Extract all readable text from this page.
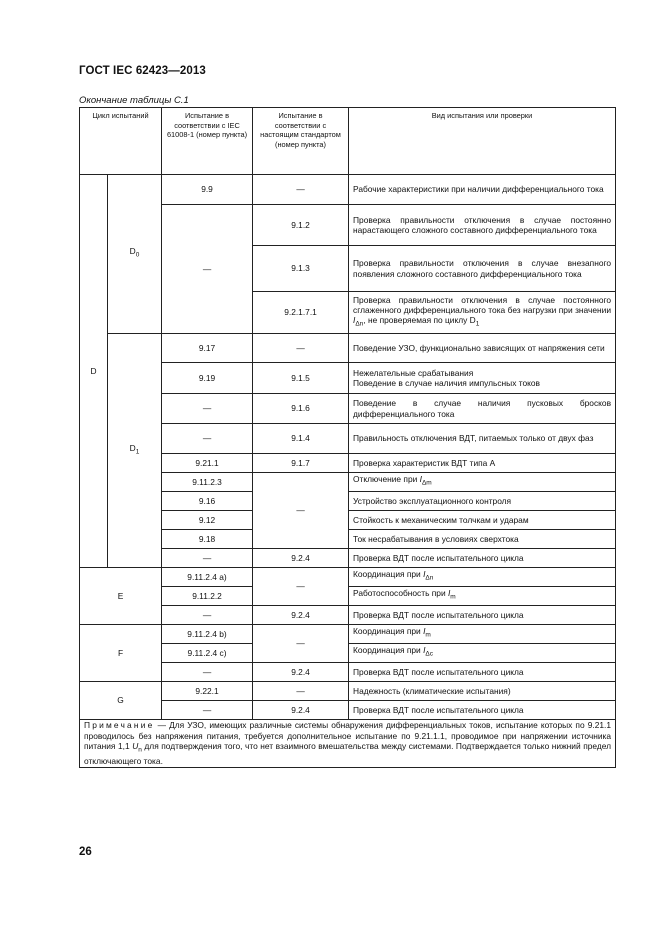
ГОСТ IEC 62423—2013
Окончание таблицы С.1
Цикл испытаний		Испытание в соответствии с IEC 61008-1 (номер пункта)	Испытание в соответствии с настоящим стандартом (номер пункта)	Вид испытания или проверки
D	$D_0$	9.9	—	Рабочие характеристики при наличии дифференциального тока
		—	9.1.2	Проверка правильности отключения в случае постоянно нарастающего сложного составного дифференциального тока
			9.1.3	Проверка правильности отключения в случае внезапного появления сложного составного дифференциального тока
			9.2.1.7.1	Проверка правильности отключения в случае постоянного сглаженного дифференциального тока без нагрузки при значении $I_{\Delta n}$, не проверяемая по циклу $D_1$
	$D_1$	9.17	—	Поведение УЗО, функционально зависящих от напряжения сети
		9.19	9.1.5	Нежелательные срабатывания
Поведение в случае наличия импульсных токов

		—	9.1.6	Поведение в случае наличия пусковых бросков дифференциального тока
		—	9.1.4	Правильность отключения ВДТ, питаемых только от двух фаз
		9.21.1	9.1.7	Проверка характеристик ВДТ типа А
		9.11.2.3	—	Отключение при $I_{\Delta m}$
		9.16		Устройство эксплуатационного контроля
		9.12		Стойкость к механическим толчкам и ударам
		9.18		Ток несрабатывания в условиях сверхтока
		—	9.2.4	Проверка ВДТ после испытательного цикла
E		9.11.2.4 a)	—	Координация при $I_{\Delta n}$
		9.11.2.2		Работоспособность при $I_m$
		—	9.2.4	Проверка ВДТ после испытательного цикла
F		9.11.2.4 b)	—	Координация при $I_m$
		9.11.2.4 c)		Координация при $I_{\Delta c}$
		—	9.2.4	Проверка ВДТ после испытательного цикла
G		9.22.1	—	Надежность (климатические испытания)
		—	9.2.4	Проверка ВДТ после испытательного цикла
Примечание — Для УЗО, имеющих различные системы обнаружения дифференциальных токов, испытание которых по 9.21.1 проводилось без напряжения питания, требуется дополнительное испытание по 9.21.1.1, проводимое при напряжении источника питания 1,1 $U_n$ для подтверждения того, что нет взаимного вмешательства между системами. Подтверждается только нижний предел отключающего тока.				
26
